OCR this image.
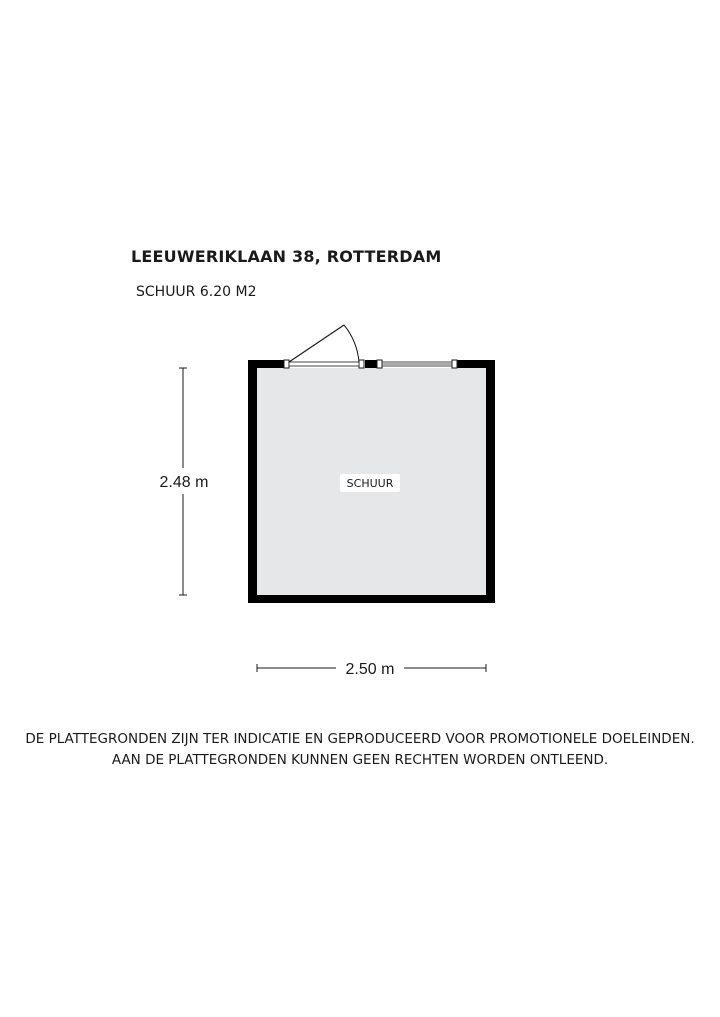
LEEUWERIKLAAN 38, ROTTERDAM
SCHUUR 6.20 M2
SCHUUR
2.48 m
2.50 m
DE PLATTEGRONDEN ZIJN TER INDICATIE EN GEPRODUCEERD VOOR PROMOTIONELE DOELEINDEN.
AAN DE PLATTEGRONDEN KUNNEN GEEN RECHTEN WORDEN ONTLEEND.
